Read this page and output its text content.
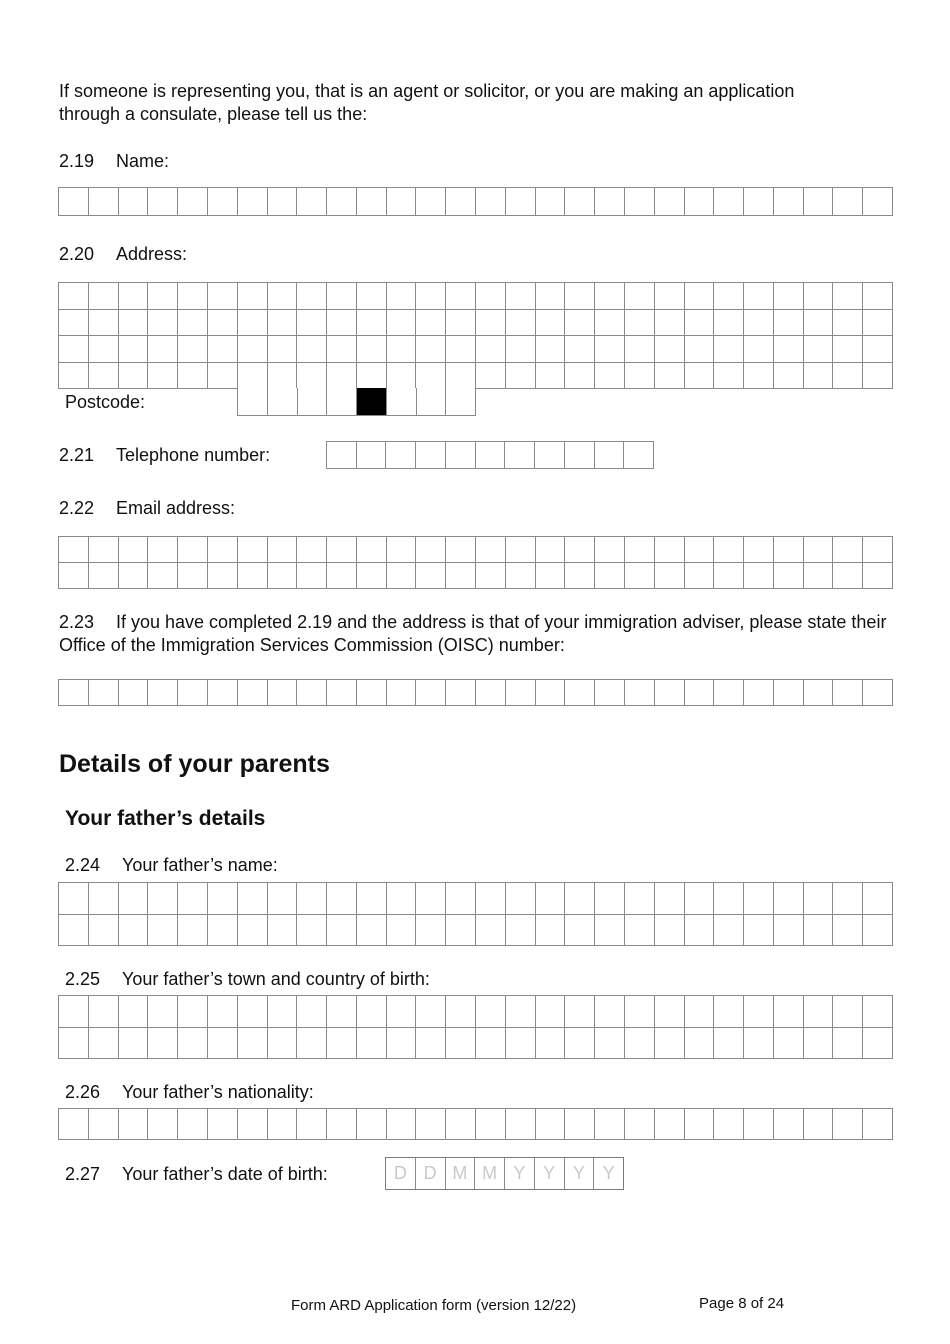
If someone is representing you, that is an agent or solicitor, or you are making an application through a consulate, please tell us the:
2.19 Name:
2.20 Address:
Postcode:
2.21 Telephone number:
2.22 Email address:
2.23 If you have completed 2.19 and the address is that of your immigration adviser, please state their Office of the Immigration Services Commission (OISC) number:
Details of your parents
Your father’s details
2.24 Your father’s name:
2.25 Your father’s town and country of birth:
2.26 Your father’s nationality:
2.27 Your father’s date of birth:	D D M M Y Y Y Y
Form ARD Application form (version 12/22)	Page 8 of 24
